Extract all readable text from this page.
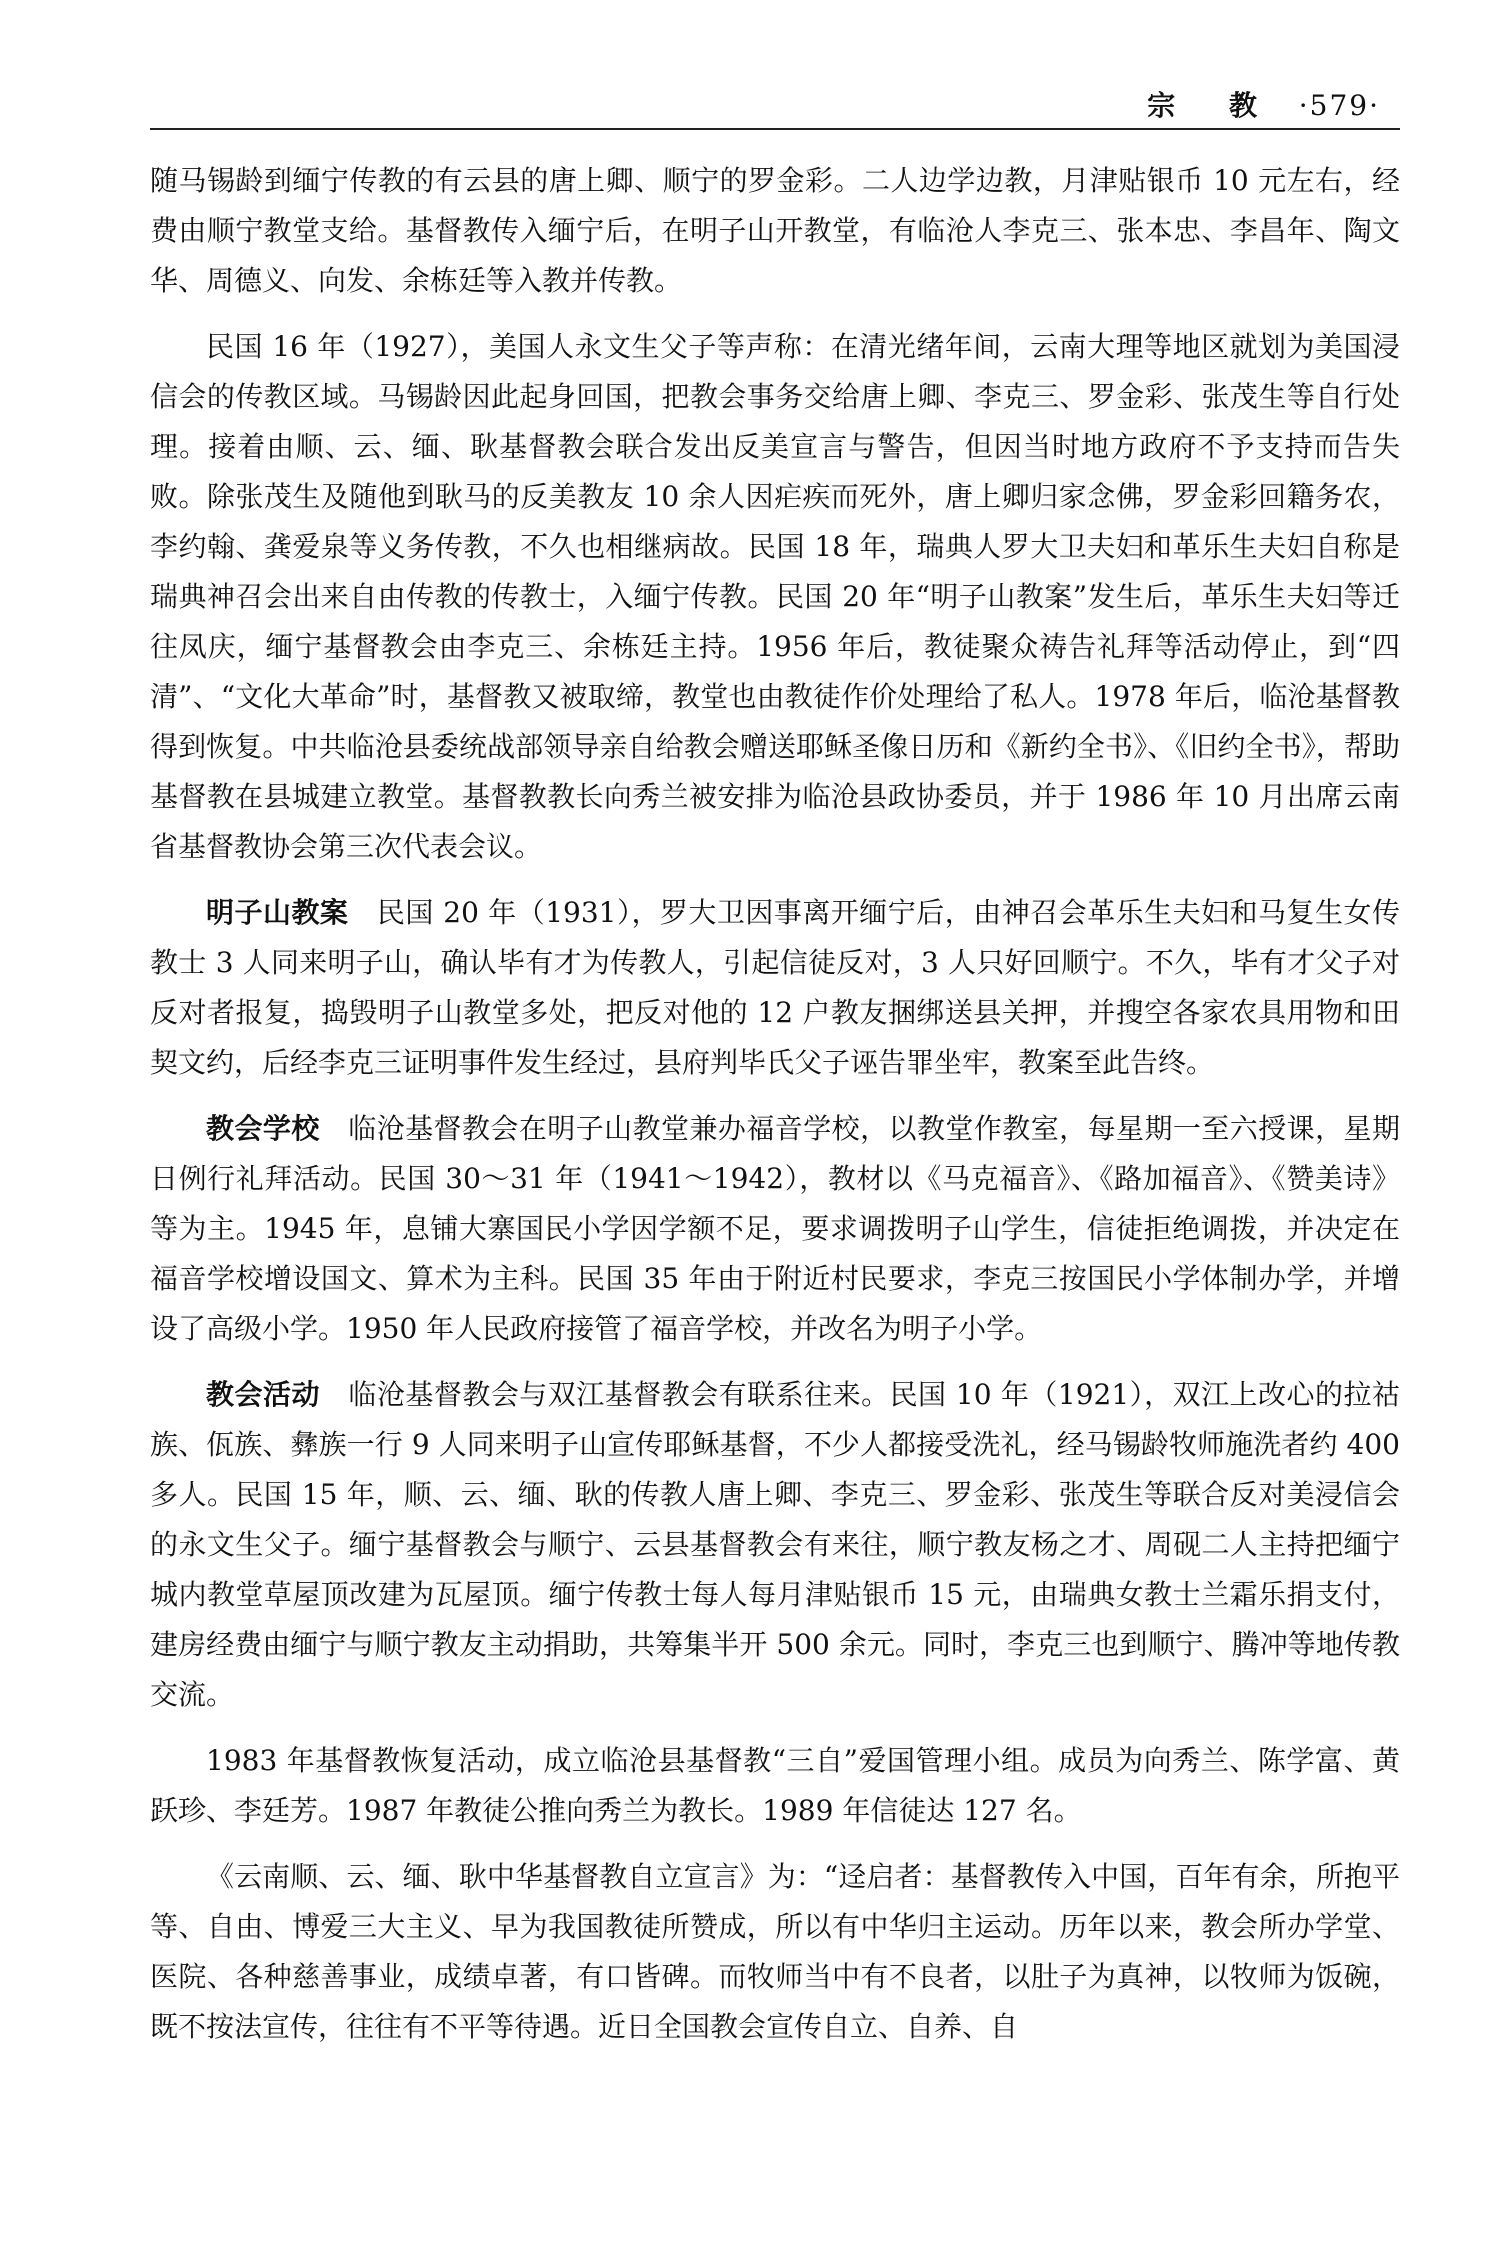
宗 教 ·579·

随马锡龄到缅宁传教的有云县的唐上卿、顺宁的罗金彩。二人边学边教，月津贴银币 10 元左右，经费由顺宁教堂支给。基督教传入缅宁后，在明子山开教堂，有临沧人李克三、张本忠、李昌年、陶文华、周德义、向发、余栋廷等入教并传教。

民国 16 年（1927），美国人永文生父子等声称：在清光绪年间，云南大理等地区就划为美国浸信会的传教区域。马锡龄因此起身回国，把教会事务交给唐上卿、李克三、罗金彩、张茂生等自行处理。接着由顺、云、缅、耿基督教会联合发出反美宣言与警告，但因当时地方政府不予支持而告失败。除张茂生及随他到耿马的反美教友 10 余人因疟疾而死外，唐上卿归家念佛，罗金彩回籍务农，李约翰、龚爱泉等义务传教，不久也相继病故。民国 18 年，瑞典人罗大卫夫妇和革乐生夫妇自称是瑞典神召会出来自由传教的传教士，入缅宁传教。民国 20 年“明子山教案”发生后，革乐生夫妇等迁往凤庆，缅宁基督教会由李克三、余栋廷主持。1956 年后，教徒聚众祷告礼拜等活动停止，到“四清”、“文化大革命”时，基督教又被取缔，教堂也由教徒作价处理给了私人。1978 年后，临沧基督教得到恢复。中共临沧县委统战部领导亲自给教会赠送耶稣圣像日历和《新约全书》、《旧约全书》，帮助基督教在县城建立教堂。基督教教长向秀兰被安排为临沧县政协委员，并于 1986 年 10 月出席云南省基督教协会第三次代表会议。

明子山教案　 民国 20 年（1931），罗大卫因事离开缅宁后，由神召会革乐生夫妇和马复生女传教士 3 人同来明子山，确认毕有才为传教人，引起信徒反对，3 人只好回顺宁。不久，毕有才父子对反对者报复，捣毁明子山教堂多处，把反对他的 12 户教友捆绑送县关押，并搜空各家农具用物和田契文约，后经李克三证明事件发生经过，县府判毕氏父子诬告罪坐牢，教案至此告终。

教会学校　 临沧基督教会在明子山教堂兼办福音学校，以教堂作教室，每星期一至六授课，星期日例行礼拜活动。民国 30～31 年（1941～1942），教材以《马克福音》、《路加福音》、《赞美诗》等为主。1945 年，息铺大寨国民小学因学额不足，要求调拨明子山学生，信徒拒绝调拨，并决定在福音学校增设国文、算术为主科。民国 35 年由于附近村民要求，李克三按国民小学体制办学，并增设了高级小学。1950 年人民政府接管了福音学校，并改名为明子小学。

教会活动　 临沧基督教会与双江基督教会有联系往来。民国 10 年（1921），双江上改心的拉祜族、佤族、彝族一行 9 人同来明子山宣传耶稣基督，不少人都接受洗礼，经马锡龄牧师施洗者约 400 多人。民国 15 年，顺、云、缅、耿的传教人唐上卿、李克三、罗金彩、张茂生等联合反对美浸信会的永文生父子。缅宁基督教会与顺宁、云县基督教会有来往，顺宁教友杨之才、周砚二人主持把缅宁城内教堂草屋顶改建为瓦屋顶。缅宁传教士每人每月津贴银币 15 元，由瑞典女教士兰霜乐捐支付，建房经费由缅宁与顺宁教友主动捐助，共筹集半开 500 余元。同时，李克三也到顺宁、腾冲等地传教交流。

1983 年基督教恢复活动，成立临沧县基督教“三自”爱国管理小组。成员为向秀兰、陈学富、黄跃珍、李廷芳。1987 年教徒公推向秀兰为教长。1989 年信徒达 127 名。

《云南顺、云、缅、耿中华基督教自立宣言》为：“迳启者：基督教传入中国，百年有余，所抱平等、自由、博爱三大主义、早为我国教徒所赞成，所以有中华归主运动。历年以来，教会所办学堂、医院、各种慈善事业，成绩卓著，有口皆碑。而牧师当中有不良者，以肚子为真神，以牧师为饭碗，既不按法宣传，往往有不平等待遇。近日全国教会宣传自立、自养、自
